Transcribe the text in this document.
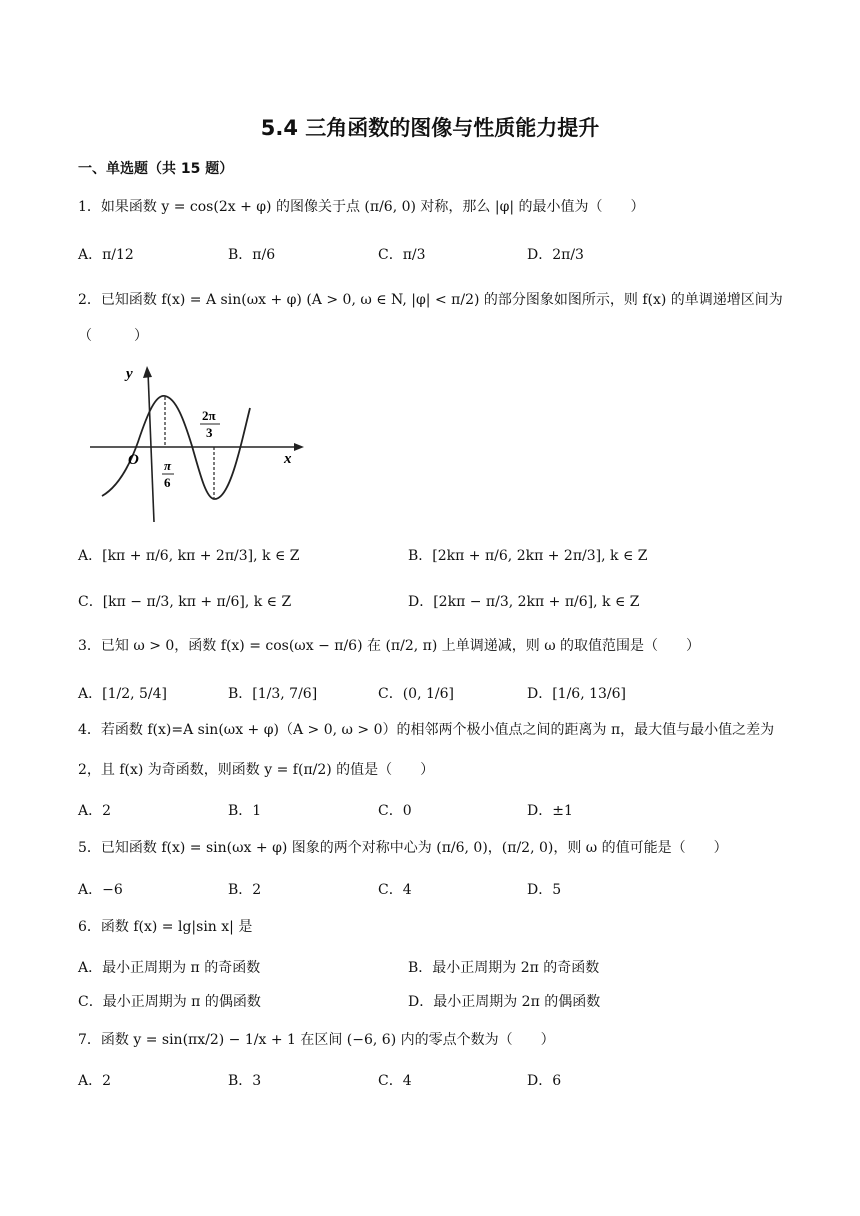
5.4 三角函数的图像与性质能力提升
一、单选题（共 15 题）
1．如果函数 y = cos(2x + φ) 的图像关于点 (π/6, 0) 对称，那么 |φ| 的最小值为（　　）
A．π/12	B．π/6	C．π/3	D．2π/3
2．已知函数 f(x) = A sin(ωx + φ) (A > 0, ω ∈ N, |φ| < π/2) 的部分图象如图所示，则 f(x) 的单调递增区间为
（　　　）
y
x
O π
6
2π
3
A．[kπ + π/6, kπ + 2π/3], k ∈ Z	B．[2kπ + π/6, 2kπ + 2π/3], k ∈ Z
C．[kπ − π/3, kπ + π/6], k ∈ Z	D．[2kπ − π/3, 2kπ + π/6], k ∈ Z
3．已知 ω > 0，函数 f(x) = cos(ωx − π/6) 在 (π/2, π) 上单调递减，则 ω 的取值范围是（　　）
A．[1/2, 5/4]	B．[1/3, 7/6]	C．(0, 1/6]	D．[1/6, 13/6]
4．若函数 f(x)=A sin(ωx + φ)（A > 0, ω > 0）的相邻两个极小值点之间的距离为 π，最大值与最小值之差为
2，且 f(x) 为奇函数，则函数 y = f(π/2) 的值是（　　）
A．2	B．1	C．0	D．±1
5．已知函数 f(x) = sin(ωx + φ) 图象的两个对称中心为 (π/6, 0)，(π/2, 0)，则 ω 的值可能是（　　）
A．−6	B．2	C．4	D．5
6．函数 f(x) = lg|sin x| 是
A．最小正周期为 π 的奇函数	B．最小正周期为 2π 的奇函数
C．最小正周期为 π 的偶函数	D．最小正周期为 2π 的偶函数
7．函数 y = sin(πx/2) − 1/x + 1 在区间 (−6, 6) 内的零点个数为（　　）
A．2	B．3	C．4	D．6
